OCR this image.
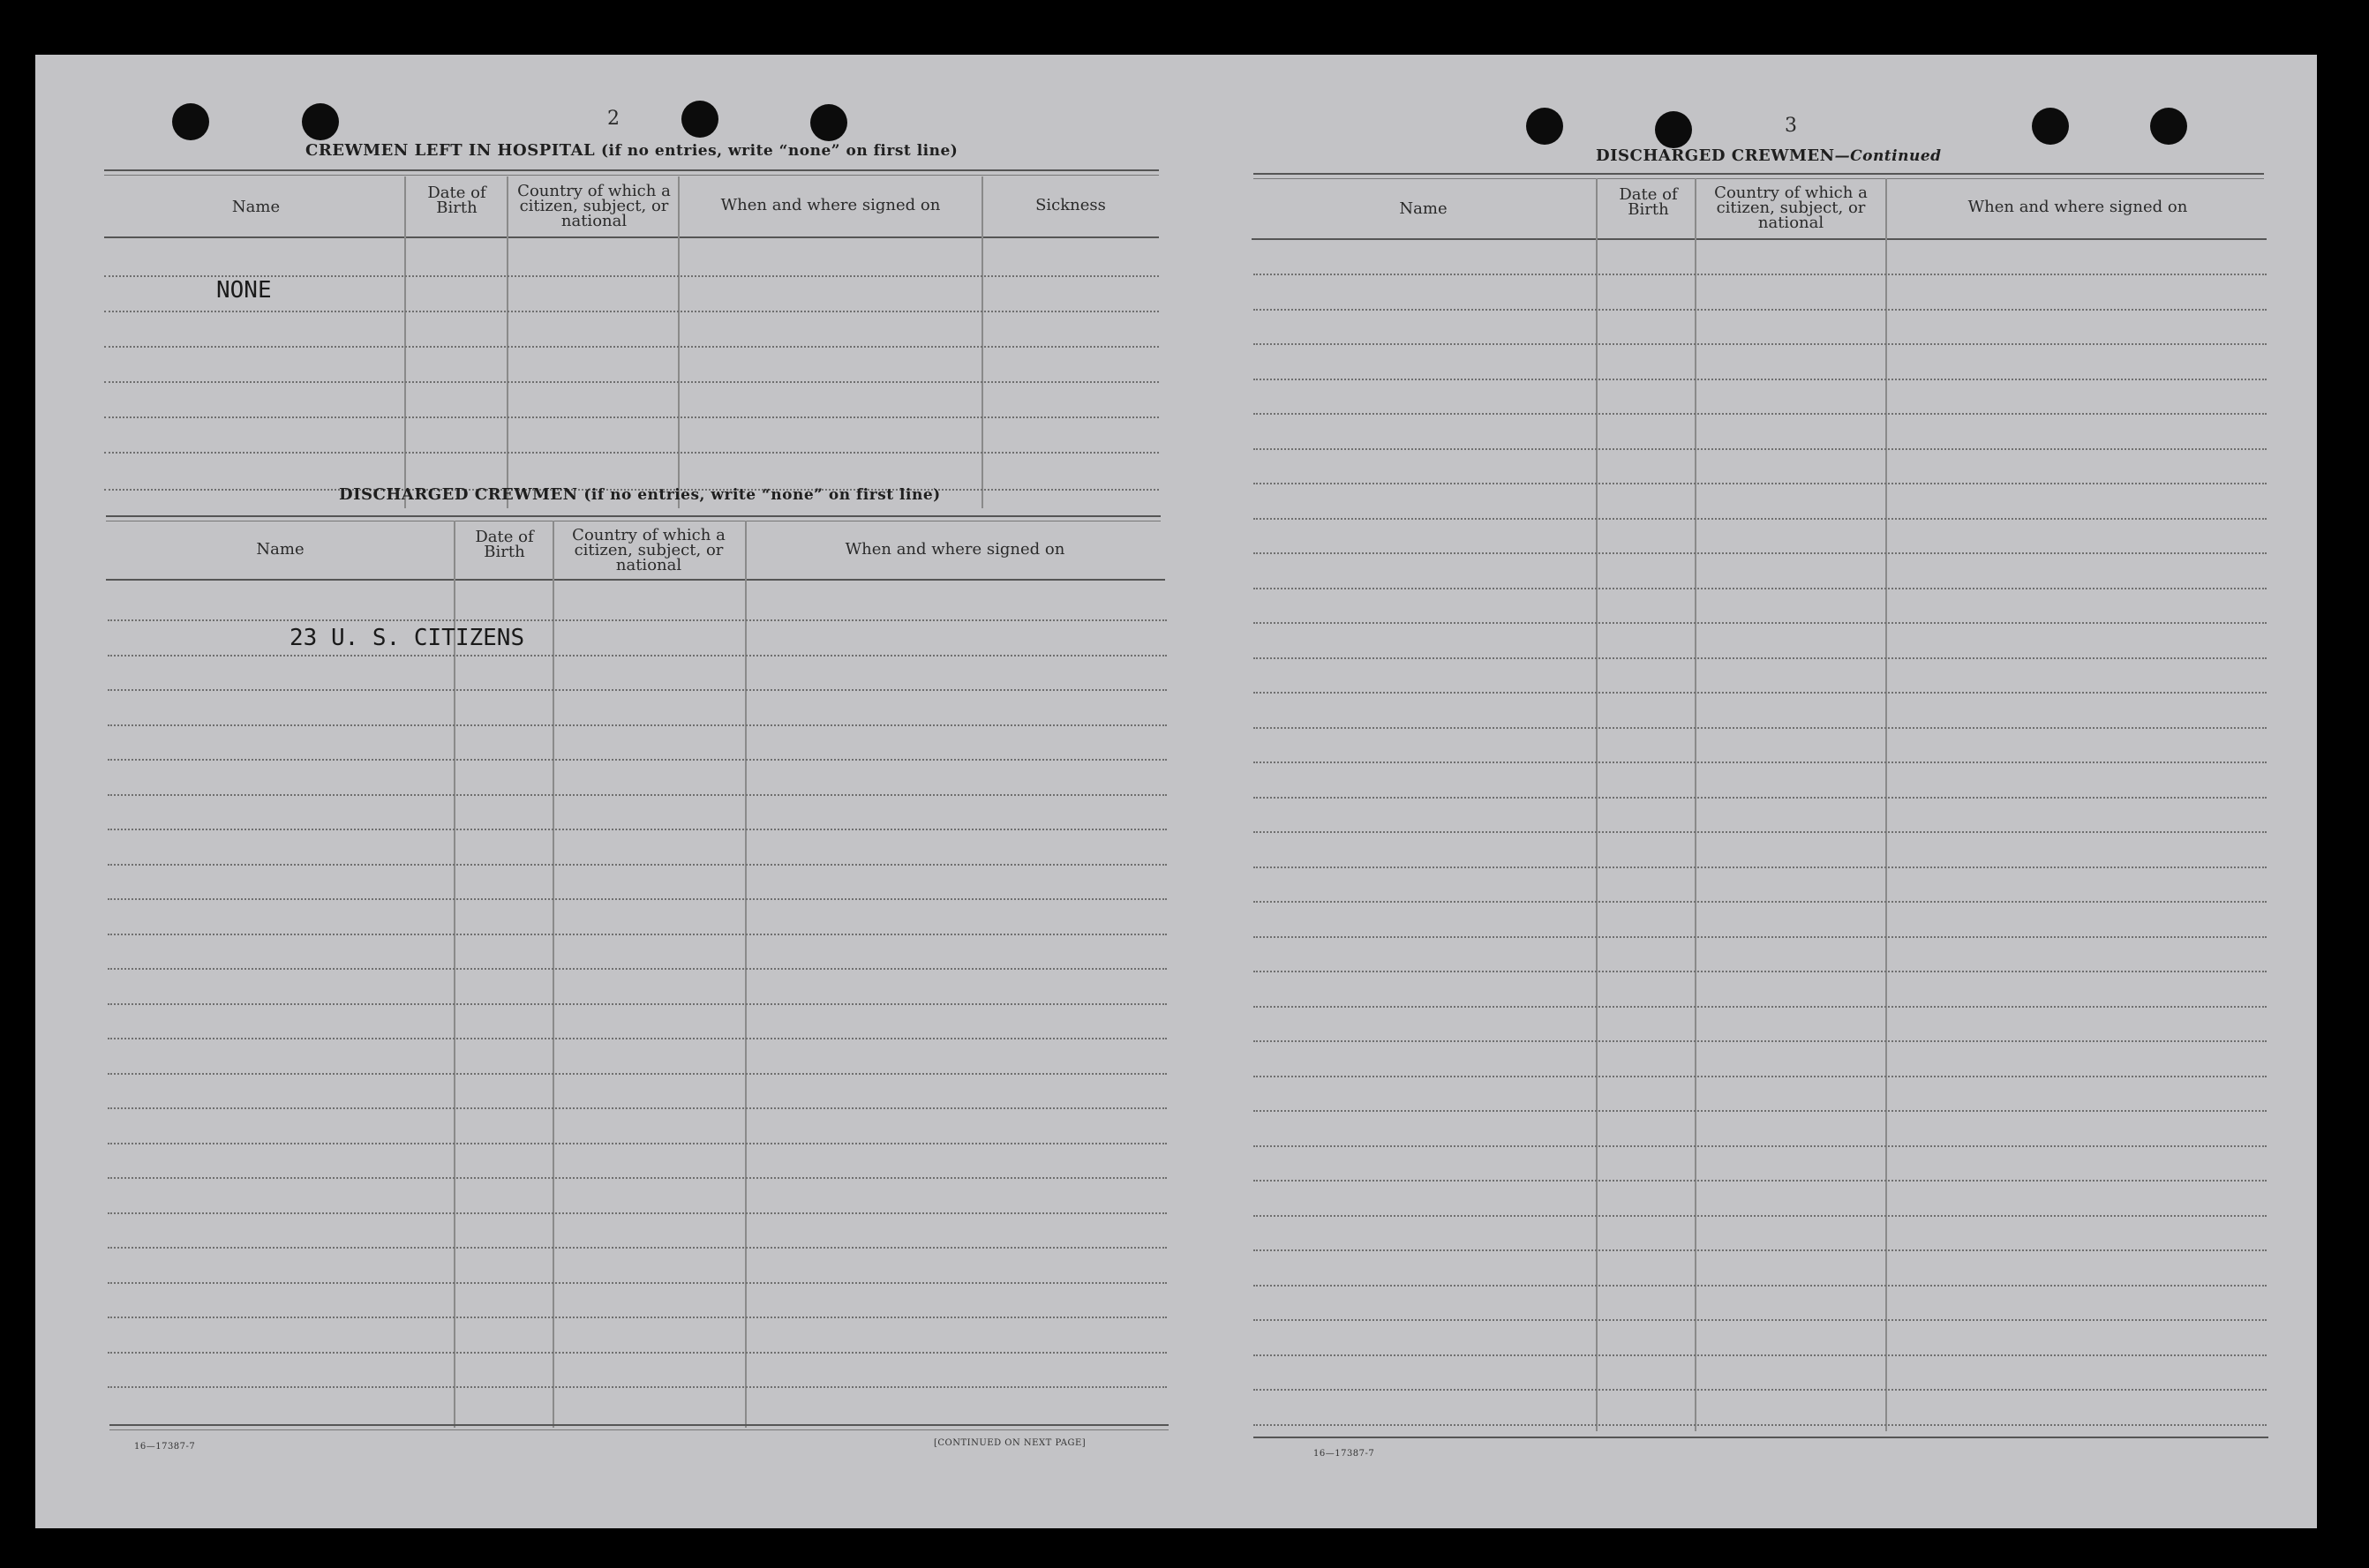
2
CREWMEN LEFT IN HOSPITAL (if no entries, write “none” on first line)
Name
Date of Birth
Country of which a citizen, subject, or national
When and where signed on	Sickness
NONE
DISCHARGED CREWMEN (if no entries, write “none” on first line)
Name
Date of Birth
Country of which a citizen, subject, or national
When and where signed on
23 U. S. CITIZENS
16—17387-7	[CONTINUED ON NEXT PAGE]
3
DISCHARGED CREWMEN—Continued
Name
Date of Birth
Country of which a citizen, subject, or national
When and where signed on
16—17387-7
